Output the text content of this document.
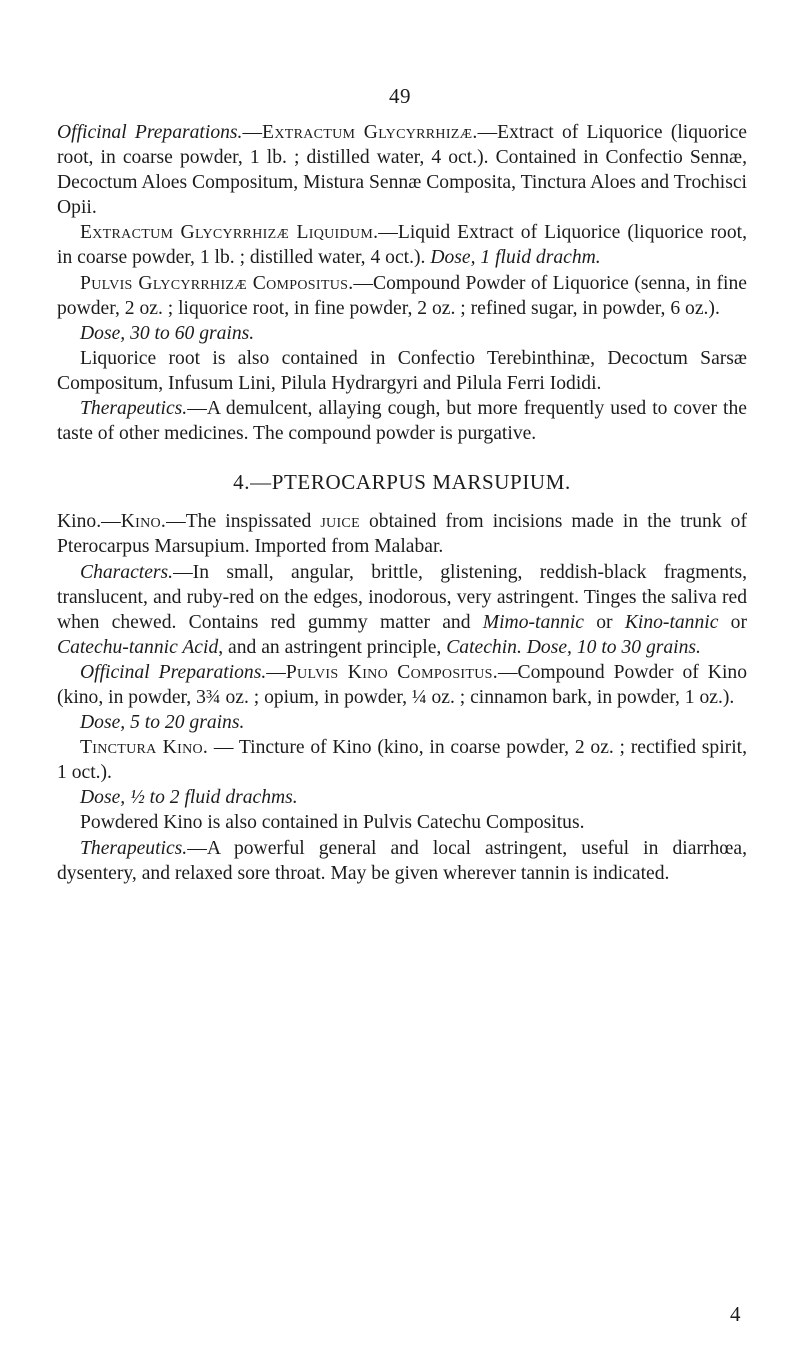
49

Officinal Preparations.—Extractum Glycyrrhizæ.—Extract of Liquorice (liquorice root, in coarse powder, 1 lb. ; distilled water, 4 oct.). Contained in Confectio Sennæ, Decoctum Aloes Compositum, Mistura Sennæ Composita, Tinctura Aloes and Trochisci Opii.

Extractum Glycyrrhizæ Liquidum.—Liquid Extract of Liquorice (liquorice root, in coarse powder, 1 lb. ; distilled water, 4 oct.). Dose, 1 fluid drachm.

Pulvis Glycyrrhizæ Compositus.—Compound Powder of Liquorice (senna, in fine powder, 2 oz. ; liquorice root, in fine powder, 2 oz. ; refined sugar, in powder, 6 oz.).

Dose, 30 to 60 grains.

Liquorice root is also contained in Confectio Terebinthinæ, Decoctum Sarsæ Compositum, Infusum Lini, Pilula Hydrargyri and Pilula Ferri Iodidi.

Therapeutics.—A demulcent, allaying cough, but more frequently used to cover the taste of other medicines. The compound powder is purgative.

4.—PTEROCARPUS MARSUPIUM.

Kino.—Kino.—The inspissated juice obtained from incisions made in the trunk of Pterocarpus Marsupium. Imported from Malabar.

Characters.—In small, angular, brittle, glistening, reddish-black fragments, translucent, and ruby-red on the edges, inodorous, very astringent. Tinges the saliva red when chewed. Contains red gummy matter and Mimo-tannic or Kino-tannic or Catechu-tannic Acid, and an astringent principle, Catechin. Dose, 10 to 30 grains.

Officinal Preparations.—Pulvis Kino Compositus.—Compound Powder of Kino (kino, in powder, 3¾ oz. ; opium, in powder, ¼ oz. ; cinnamon bark, in powder, 1 oz.).

Dose, 5 to 20 grains.

Tinctura Kino. — Tincture of Kino (kino, in coarse powder, 2 oz. ; rectified spirit, 1 oct.).

Dose, ½ to 2 fluid drachms.

Powdered Kino is also contained in Pulvis Catechu Compositus.

Therapeutics.—A powerful general and local astringent, useful in diarrhœa, dysentery, and relaxed sore throat. May be given wherever tannin is indicated.

4
